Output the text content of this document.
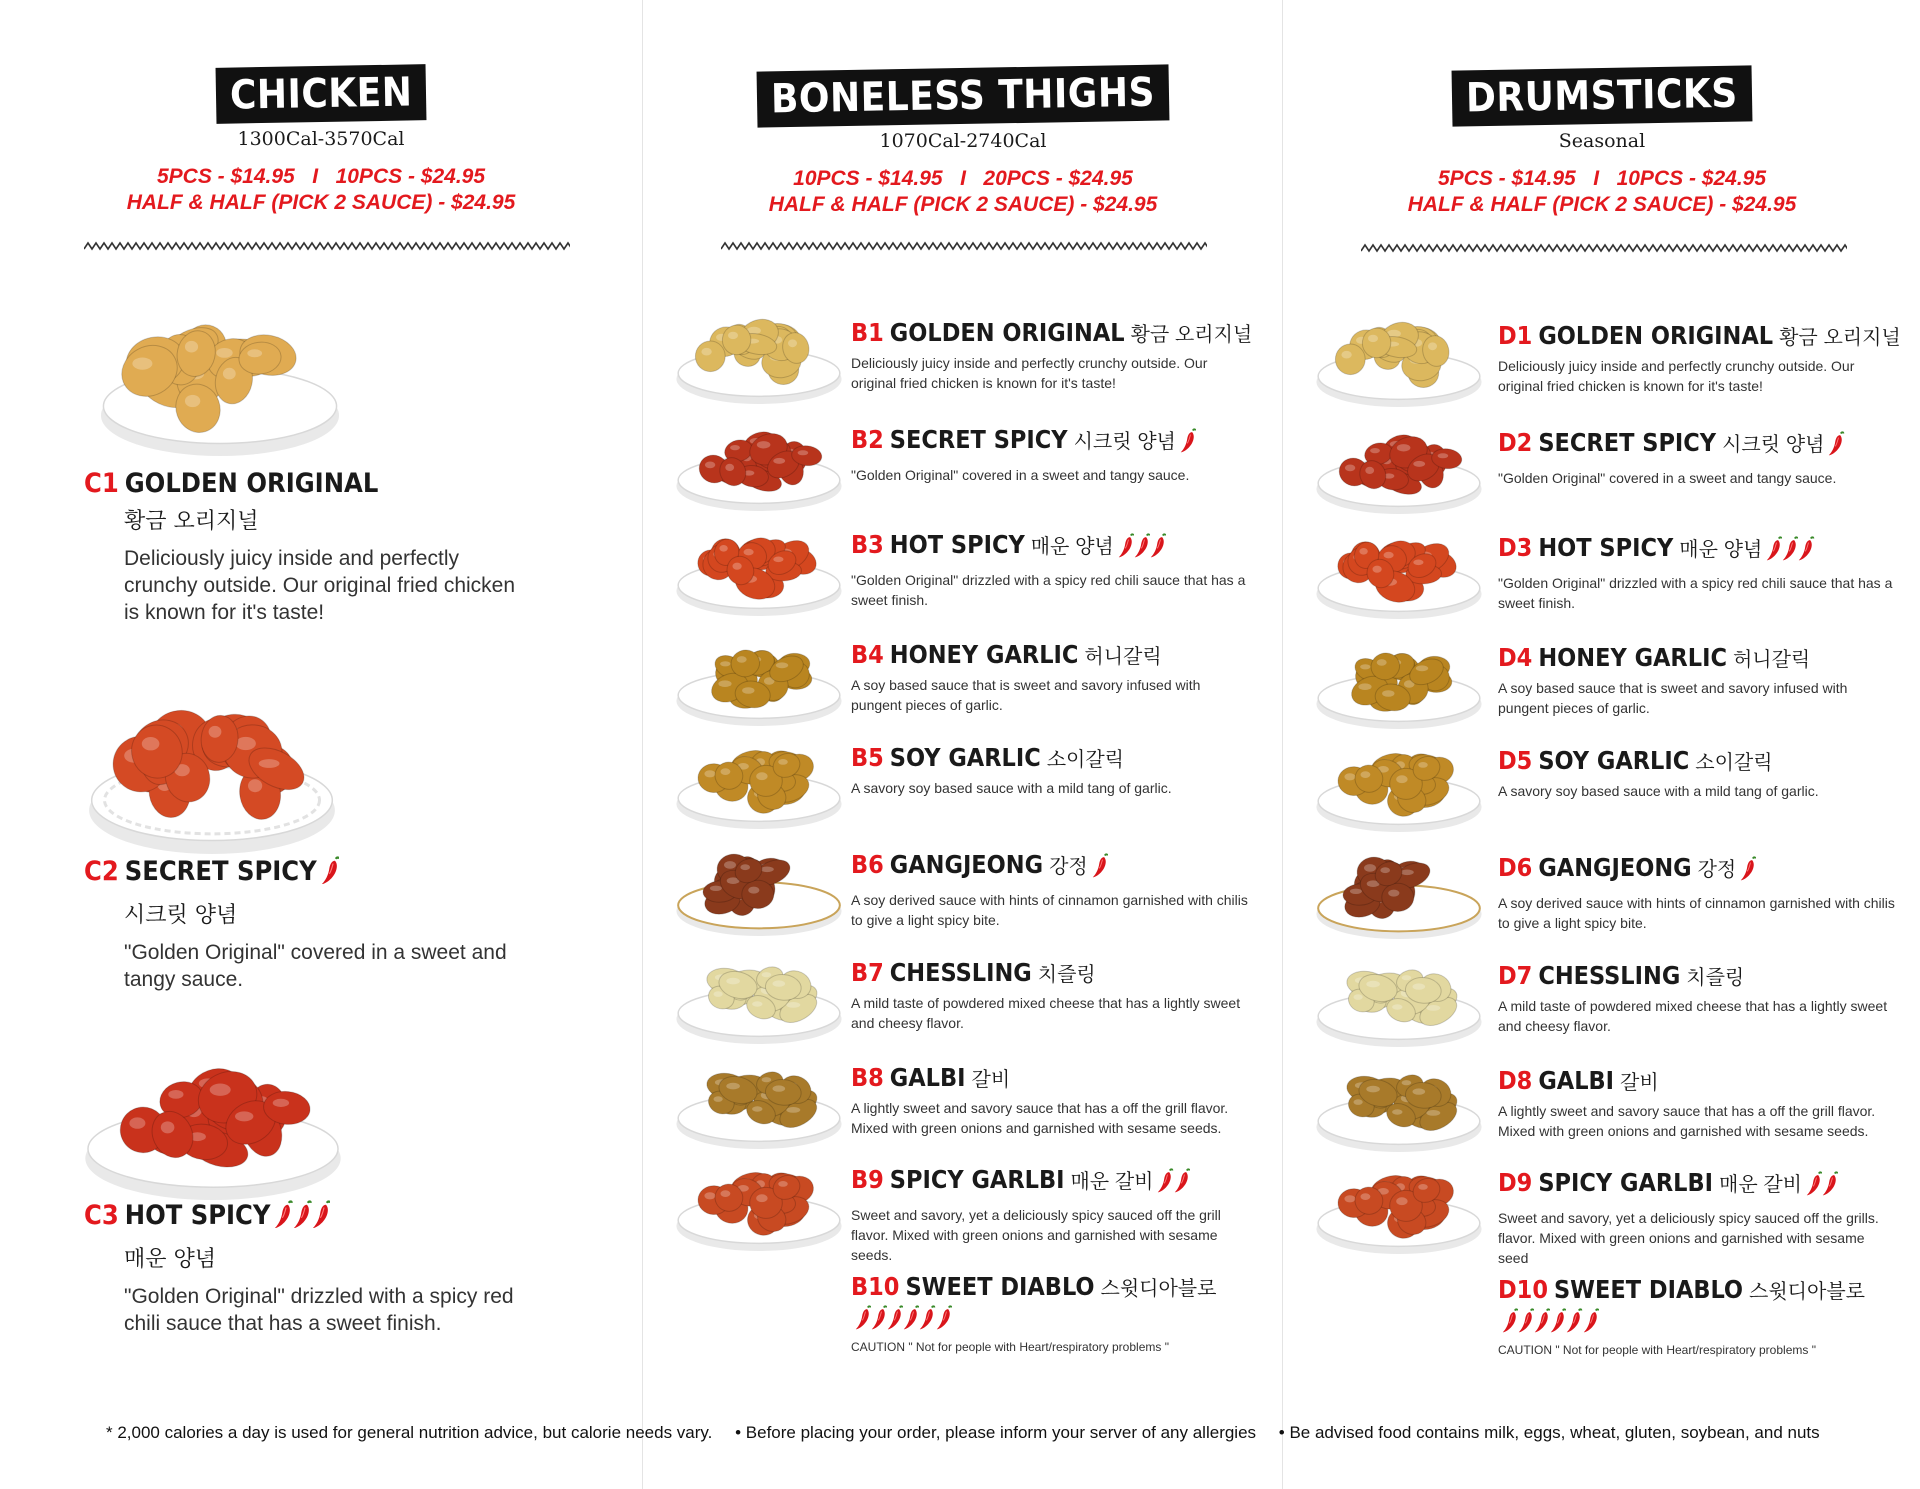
CHICKEN
1300Cal-3570Cal
5PCS - $14.95   I   10PCS - $24.95
HALF & HALF (PICK 2 SAUCE) - $24.95
C1 GOLDEN ORIGINAL
황금 오리지널
Deliciously juicy inside and perfectly crunchy outside. Our original fried chicken is known for it's taste!
C2 SECRET SPICY
시크릿 양념
"Golden Original" covered in a sweet and tangy sauce.
C3 HOT SPICY
매운 양념
"Golden Original" drizzled with a spicy red chili sauce that has a sweet finish.
BONELESS THIGHS
1070Cal-2740Cal
10PCS - $14.95   I   20PCS - $24.95
HALF & HALF (PICK 2 SAUCE) - $24.95
B1 GOLDEN ORIGINAL 황금 오리지널
Deliciously juicy inside and perfectly crunchy outside. Our original fried chicken is known for it's taste!
B2 SECRET SPICY 시크릿 양념
"Golden Original" covered in a sweet and tangy sauce.
B3 HOT SPICY 매운 양념
"Golden Original" drizzled with a spicy red chili sauce that has a sweet finish.
B4 HONEY GARLIC 허니갈릭
A soy based sauce that is sweet and savory infused with pungent pieces of garlic.
B5 SOY GARLIC 소이갈릭
A savory soy based sauce with a mild tang of garlic.
B6 GANGJEONG 강정
A soy derived sauce with hints of cinnamon garnished with chilis to give a light spicy bite.
B7 CHESSLING 치즐링
A mild taste of powdered mixed cheese that has a lightly sweet and cheesy flavor.
B8 GALBI 갈비
A lightly sweet and savory sauce that has a off the grill flavor. Mixed with green onions and garnished with sesame seeds.
B9 SPICY GARLBI 매운 갈비
Sweet and savory, yet a deliciously spicy sauced off the grill flavor. Mixed with green onions and garnished with sesame seeds.
B10 SWEET DIABLO 스윗디아블로
CAUTION " Not for people with Heart/respiratory problems "
DRUMSTICKS
Seasonal
5PCS - $14.95   I   10PCS - $24.95
HALF & HALF (PICK 2 SAUCE) - $24.95
D1 GOLDEN ORIGINAL 황금 오리지널
Deliciously juicy inside and perfectly crunchy outside. Our original fried chicken is known for it's taste!
D2 SECRET SPICY 시크릿 양념
"Golden Original" covered in a sweet and tangy sauce.
D3 HOT SPICY 매운 양념
"Golden Original" drizzled with a spicy red chili sauce that has a sweet finish.
D4 HONEY GARLIC 허니갈릭
A soy based sauce that is sweet and savory infused with pungent pieces of garlic.
D5 SOY GARLIC 소이갈릭
A savory soy based sauce with a mild tang of garlic.
D6 GANGJEONG 강정
A soy derived sauce with hints of cinnamon garnished with chilis to give a light spicy bite.
D7 CHESSLING 치즐링
A mild taste of powdered mixed cheese that has a lightly sweet and cheesy flavor.
D8 GALBI 갈비
A lightly sweet and savory sauce that has a off the grill flavor. Mixed with green onions and garnished with sesame seeds.
D9 SPICY GARLBI 매운 갈비
Sweet and savory, yet a deliciously spicy sauced off the grills. flavor. Mixed with green onions and garnished with sesame seed
D10 SWEET DIABLO 스윗디아블로
CAUTION " Not for people with Heart/respiratory problems "
* 2,000 calories a day is used for general nutrition advice, but calorie needs vary. • Before placing your order, please inform your server of any allergies • Be advised food contains milk, eggs, wheat, gluten, soybean, and nuts
